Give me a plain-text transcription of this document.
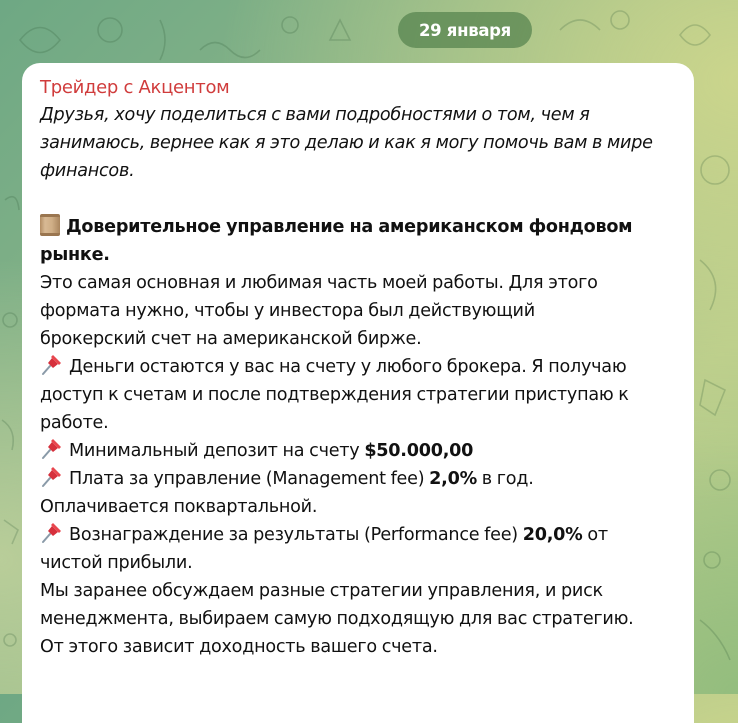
29 января
Трейдер с Акцентом
Друзья, хочу поделиться с вами подробностями о том, чем я
занимаюсь, вернее как я это делаю и как я могу помочь вам в мире
финансов.
Доверительное управление на американском фондовом
рынке.
Это самая основная и любимая часть моей работы. Для этого
формата нужно, чтобы у инвестора был действующий
брокерский счет на американской бирже.
Деньги остаются у вас на счету у любого брокера. Я получаю
доступ к счетам и после подтверждения стратегии приступаю к
работе.
Минимальный депозит на счету $50.000,00
Плата за управление (Management fee) 2,0% в год.
Оплачивается поквартальной.
Вознаграждение за результаты (Performance fee) 20,0% от
чистой прибыли.
Мы заранее обсуждаем разные стратегии управления, и риск
менеджмента, выбираем самую подходящую для вас стратегию.
От этого зависит доходность вашего счета.
